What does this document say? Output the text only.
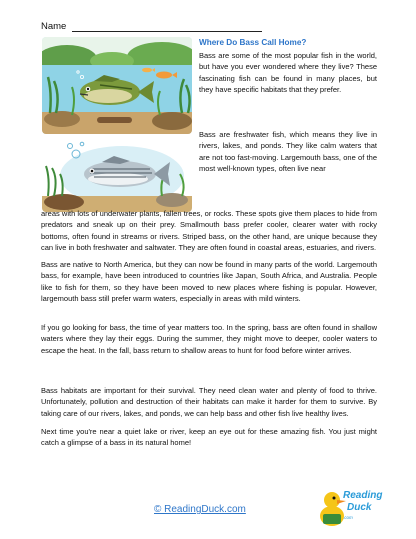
Name
Where Do Bass Call Home?

Bass are some of the most popular fish in the world, but have you ever wondered where they live? These fascinating fish can be found in many places, but they have specific habitats that they prefer.

Bass are freshwater fish, which means they live in rivers, lakes, and ponds. They like calm waters that are not too fast-moving. Largemouth bass, one of the most well-known types, often live near

areas with lots of underwater plants, fallen trees, or rocks. These spots give them places to hide from predators and sneak up on their prey. Smallmouth bass prefer cooler, clearer water with rocky bottoms, often found in streams or rivers. Striped bass, on the other hand, are unique because they can live in both freshwater and saltwater. They are often found in coastal areas, estuaries, and rivers.

Bass are native to North America, but they can now be found in many parts of the world. Largemouth bass, for example, have been introduced to countries like Japan, South Africa, and Australia. People like to fish for them, so they have been moved to new places where fishing is popular. However, largemouth bass still prefer warm waters, especially in areas with mild winters.

If you go looking for bass, the time of year matters too. In the spring, bass are often found in shallow waters where they lay their eggs. During the summer, they might move to deeper, cooler waters to escape the heat. In the fall, bass return to shallow areas to hunt for food before winter arrives.

Bass habitats are important for their survival. They need clean water and plenty of food to thrive. Unfortunately, pollution and destruction of their habitats can make it harder for them to survive. By taking care of our rivers, lakes, and ponds, we can help bass and other fish live healthy lives.

Next time you're near a quiet lake or river, keep an eye out for these amazing fish. You just might catch a glimpse of a bass in its natural home!

© ReadingDuck.com
Reading
Duck
.com
